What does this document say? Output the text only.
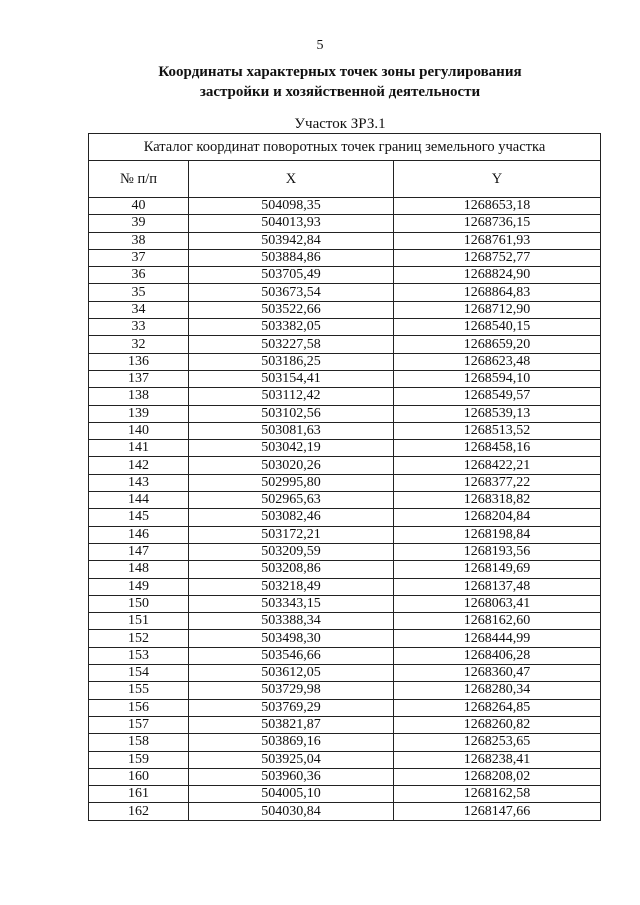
5
Координаты характерных точек зоны регулирования
застройки и хозяйственной деятельности
Участок ЗРЗ.1
Каталог координат поворотных точек границ земельного участка		
№ п/п	X	Y
40	504098,35	1268653,18
39	504013,93	1268736,15
38	503942,84	1268761,93
37	503884,86	1268752,77
36	503705,49	1268824,90
35	503673,54	1268864,83
34	503522,66	1268712,90
33	503382,05	1268540,15
32	503227,58	1268659,20
136	503186,25	1268623,48
137	503154,41	1268594,10
138	503112,42	1268549,57
139	503102,56	1268539,13
140	503081,63	1268513,52
141	503042,19	1268458,16
142	503020,26	1268422,21
143	502995,80	1268377,22
144	502965,63	1268318,82
145	503082,46	1268204,84
146	503172,21	1268198,84
147	503209,59	1268193,56
148	503208,86	1268149,69
149	503218,49	1268137,48
150	503343,15	1268063,41
151	503388,34	1268162,60
152	503498,30	1268444,99
153	503546,66	1268406,28
154	503612,05	1268360,47
155	503729,98	1268280,34
156	503769,29	1268264,85
157	503821,87	1268260,82
158	503869,16	1268253,65
159	503925,04	1268238,41
160	503960,36	1268208,02
161	504005,10	1268162,58
162	504030,84	1268147,66
